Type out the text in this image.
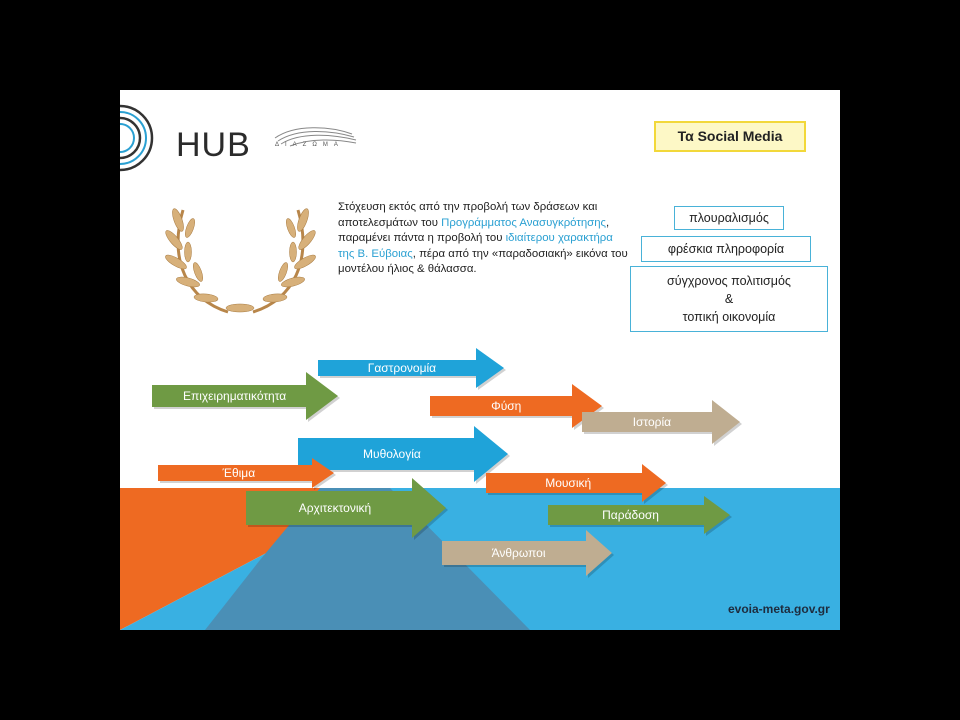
HUB	ΔΙΑΖΩΜΑ
Τα Social Media
Στόχευση εκτός από την προβολή των δράσεων και αποτελεσμάτων του Προγράμματος Ανασυγκρότησης, παραμένει πάντα η προβολή του ιδιαίτερου χαρακτήρα της Β. Εύβοιας, πέρα από την «παραδοσιακή» εικόνα του μοντέλου ήλιος & θάλασσα.
πλουραλισμός
φρέσκια πληροφορία
σύγχρονος πολιτισμός
&
τοπική οικονομία
Γαστρονομία
Επιχειρηματικότητα
Φύση
Ιστορία
Μυθολογία
Έθιμα
Μουσική
Αρχιτεκτονική	Παράδοση
Άνθρωποι
evoia-meta.gov.gr
